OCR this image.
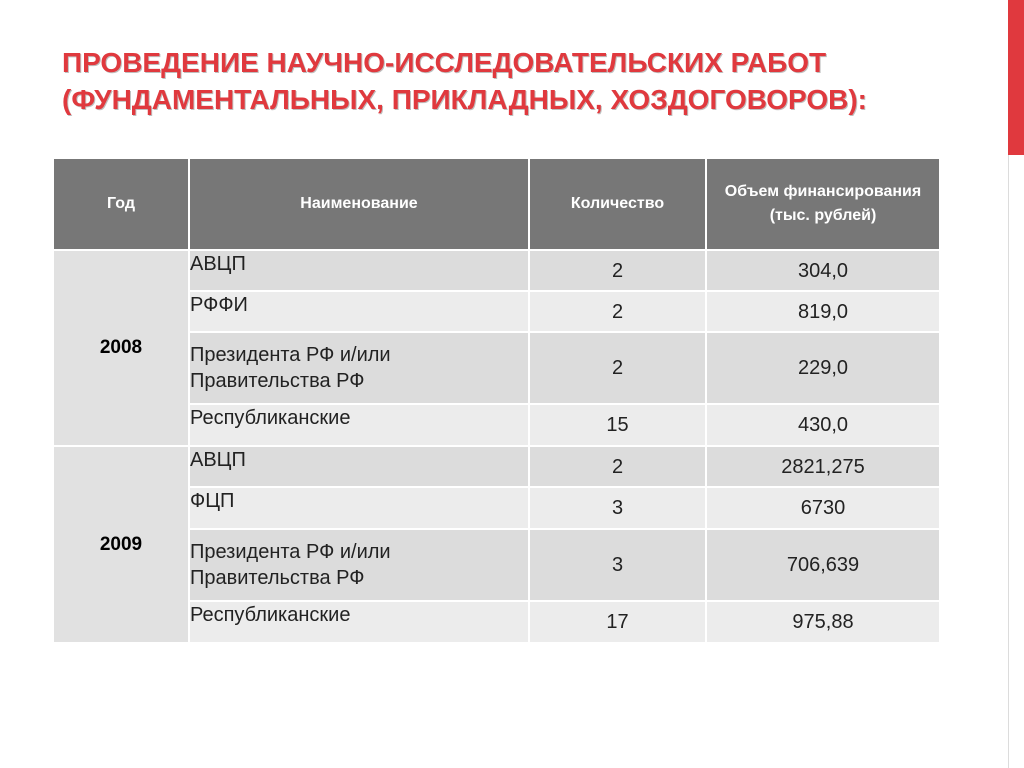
ПРОВЕДЕНИЕ НАУЧНО-ИССЛЕДОВАТЕЛЬСКИХ РАБОТ
(ФУНДАМЕНТАЛЬНЫХ, ПРИКЛАДНЫХ, ХОЗДОГОВОРОВ):
Год	Наименование	Количество	Объем финансирования (тыс. рублей)
2008	АВЦП	2	304,0
	РФФИ	2	819,0
	Президента РФ и/или Правительства РФ	2	229,0
	Республиканские	15	430,0
2009	АВЦП	2	2821,275
	ФЦП	3	6730
	Президента РФ и/или Правительства РФ	3	706,639
	Республиканские	17	975,88
